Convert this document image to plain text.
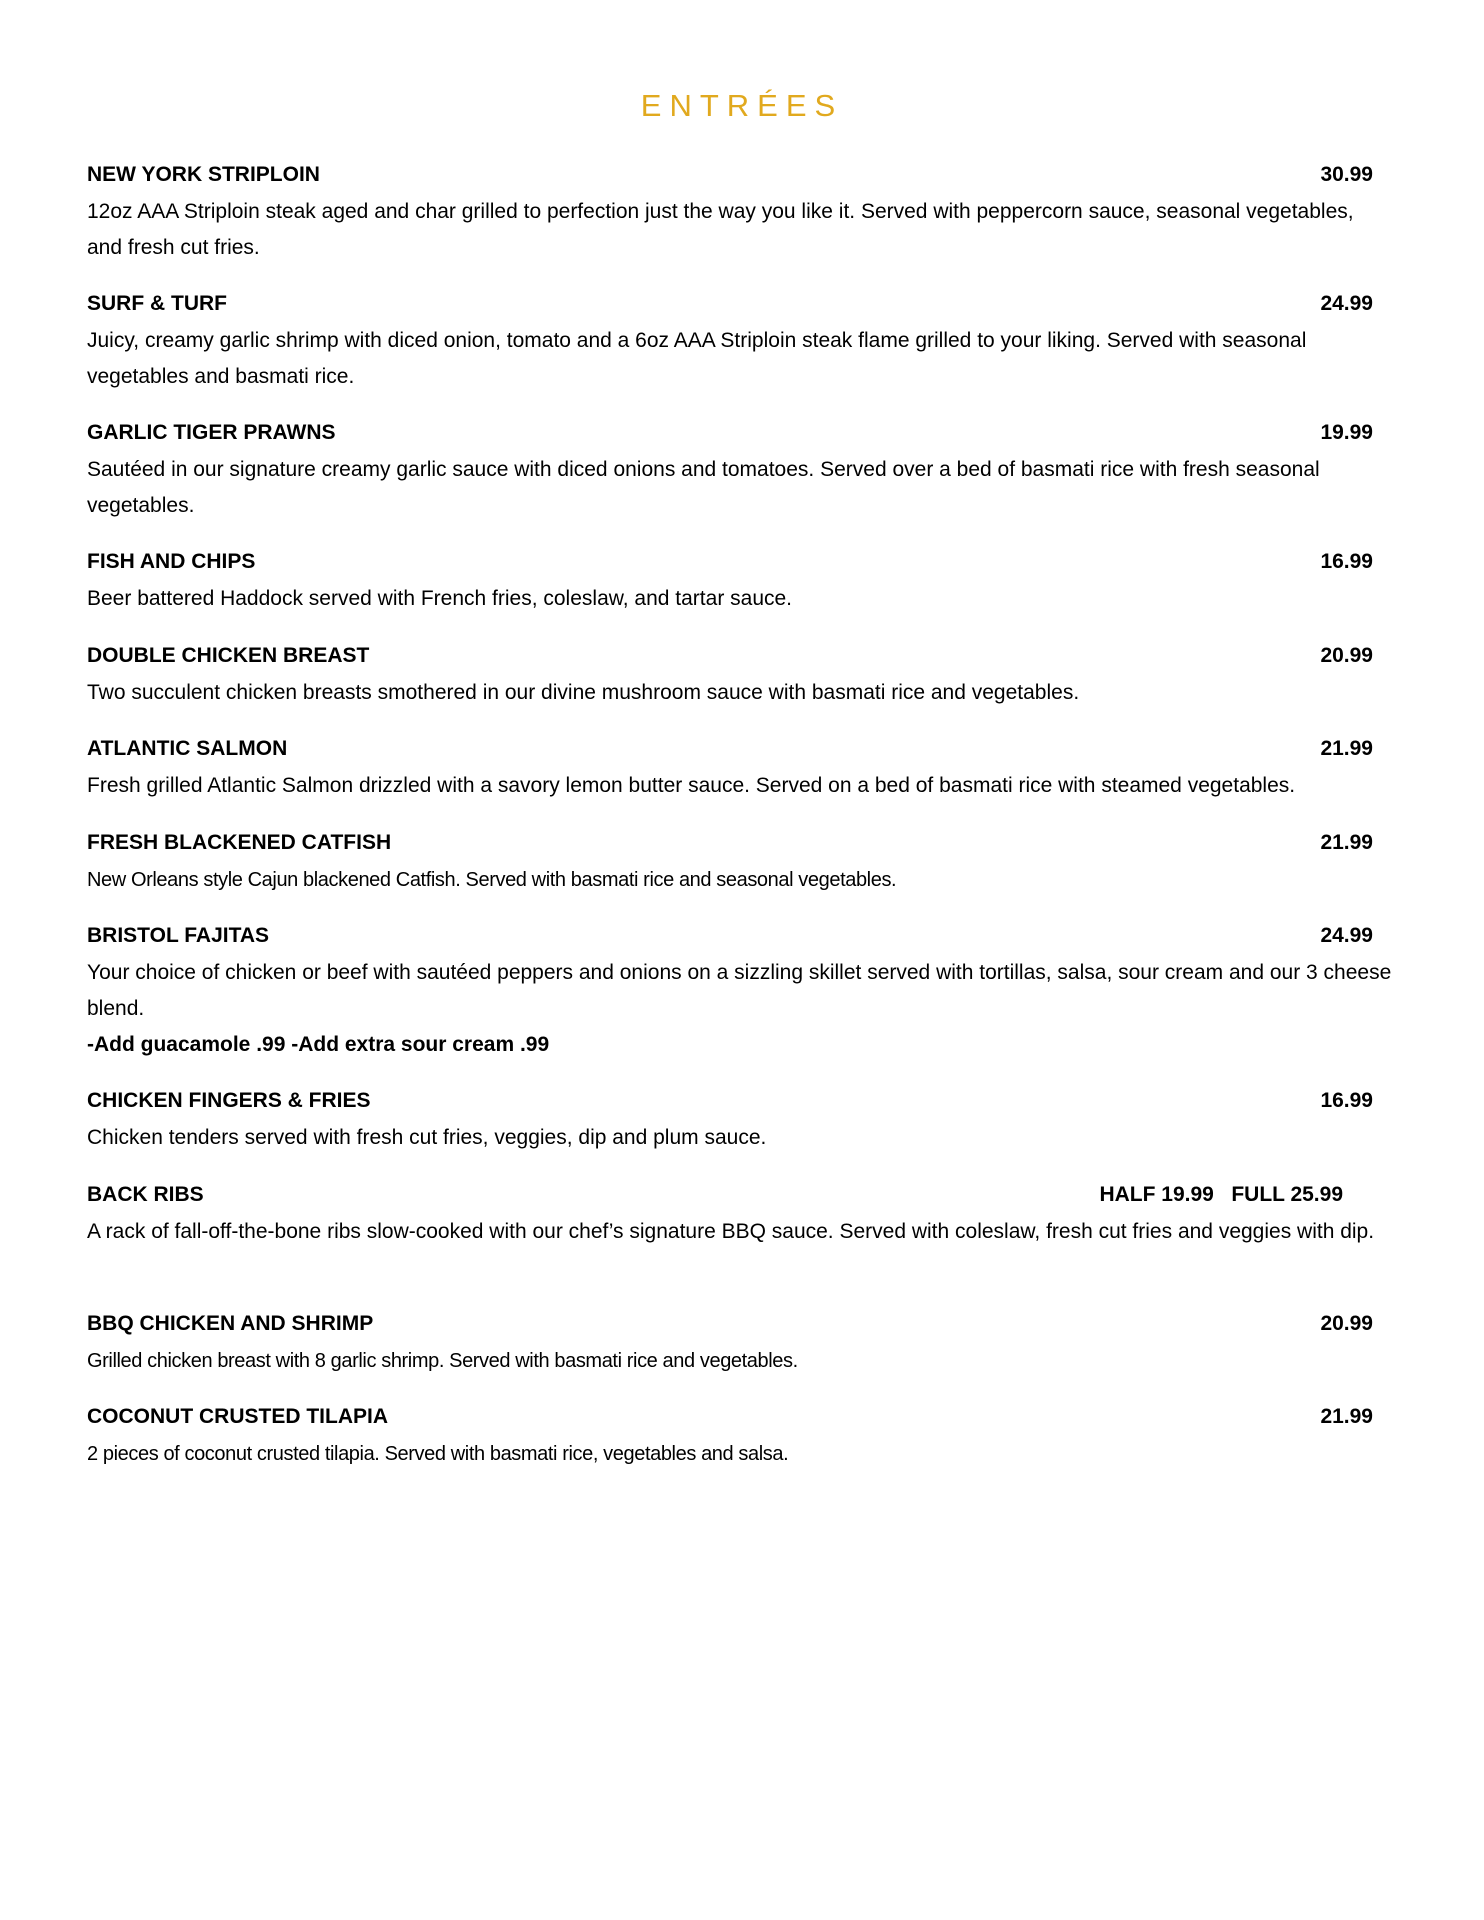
ENTRÉES
NEW YORK STRIPLOIN	30.99
12oz AAA Striploin steak aged and char grilled to perfection just the way you like it. Served with peppercorn sauce, seasonal vegetables, and fresh cut fries.
SURF & TURF	24.99
Juicy, creamy garlic shrimp with diced onion, tomato and a 6oz AAA Striploin steak flame grilled to your liking. Served with seasonal vegetables and basmati rice.
GARLIC TIGER PRAWNS	19.99
Sautéed in our signature creamy garlic sauce with diced onions and tomatoes. Served over a bed of basmati rice with fresh seasonal vegetables.
FISH AND CHIPS	16.99
Beer battered Haddock served with French fries, coleslaw, and tartar sauce.
DOUBLE CHICKEN BREAST	20.99
Two succulent chicken breasts smothered in our divine mushroom sauce with basmati rice and vegetables.
ATLANTIC SALMON	21.99
Fresh grilled Atlantic Salmon drizzled with a savory lemon butter sauce. Served on a bed of basmati rice with steamed vegetables.
FRESH BLACKENED CATFISH	21.99
New Orleans style Cajun blackened Catfish. Served with basmati rice and seasonal vegetables.
BRISTOL FAJITAS	24.99
Your choice of chicken or beef with sautéed peppers and onions on a sizzling skillet served with tortillas, salsa, sour cream and our 3 cheese blend.
-Add guacamole .99 -Add extra sour cream .99
CHICKEN FINGERS & FRIES	16.99
Chicken tenders served with fresh cut fries, veggies, dip and plum sauce.
BACK RIBS	HALF 19.99   FULL 25.99
A rack of fall-off-the-bone ribs slow-cooked with our chef’s signature BBQ sauce. Served with coleslaw, fresh cut fries and veggies with dip.
BBQ CHICKEN AND SHRIMP	20.99
Grilled chicken breast with 8 garlic shrimp. Served with basmati rice and vegetables.
COCONUT CRUSTED TILAPIA	21.99
2 pieces of coconut crusted tilapia. Served with basmati rice, vegetables and salsa.
